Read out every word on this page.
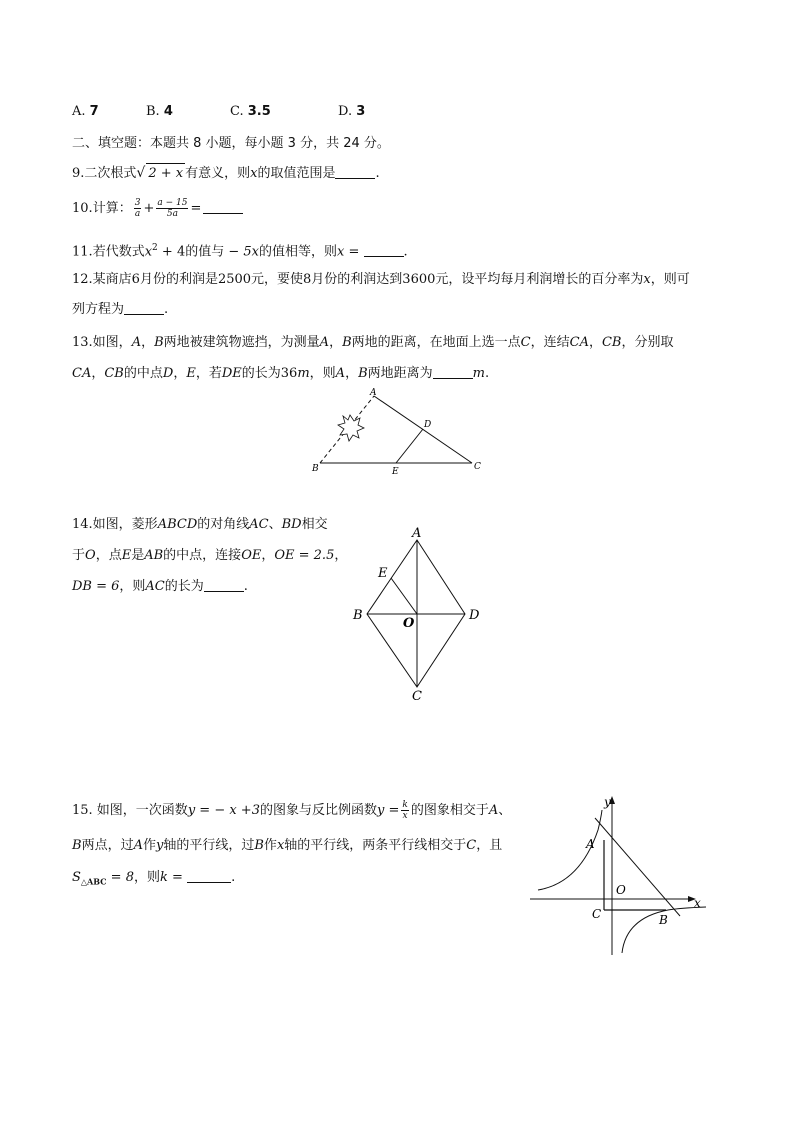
A. 7	B. 4	C. 3.5	D. 3
二、填空题：本题共 8 小题，每小题 3 分，共 24 分。
9.二次根式√ 2 + x 有意义，则x的取值范围是	.
10.计算： $\frac{3}{a} + \frac{a - 15}{5a}$ =
11.若代数式$x^2 + 4$的值与 − 5x的值相等，则x =	.
12.某商店6月份的利润是2500元，要使8月份的利润达到3600元，设平均每月利润增长的百分率为x，则可
列方程为	.
13.如图，A，B两地被建筑物遮挡，为测量A，B两地的距离，在地面上选一点C，连结CA，CB，分别取
CA，CB的中点D，E，若DE的长为36m，则A，B两地距离为	m.
A
B	C
D
E
14.如图，菱形ABCD的对角线AC、BD相交
于O，点E是AB的中点，连接OE，OE = 2.5，
DB = 6，则AC的长为	.
A
B	D
C
E
O
15. 如图，一次函数y = − x +3的图象与反比例函数$y = \frac{k}{x}$ 的图象相交于A、
B两点，过A作y轴的平行线，过B作x轴的平行线，两条平行线相交于C，且
$S_{\triangle ABC} = 8$，则k =	.
y
x
A
B
C
O
